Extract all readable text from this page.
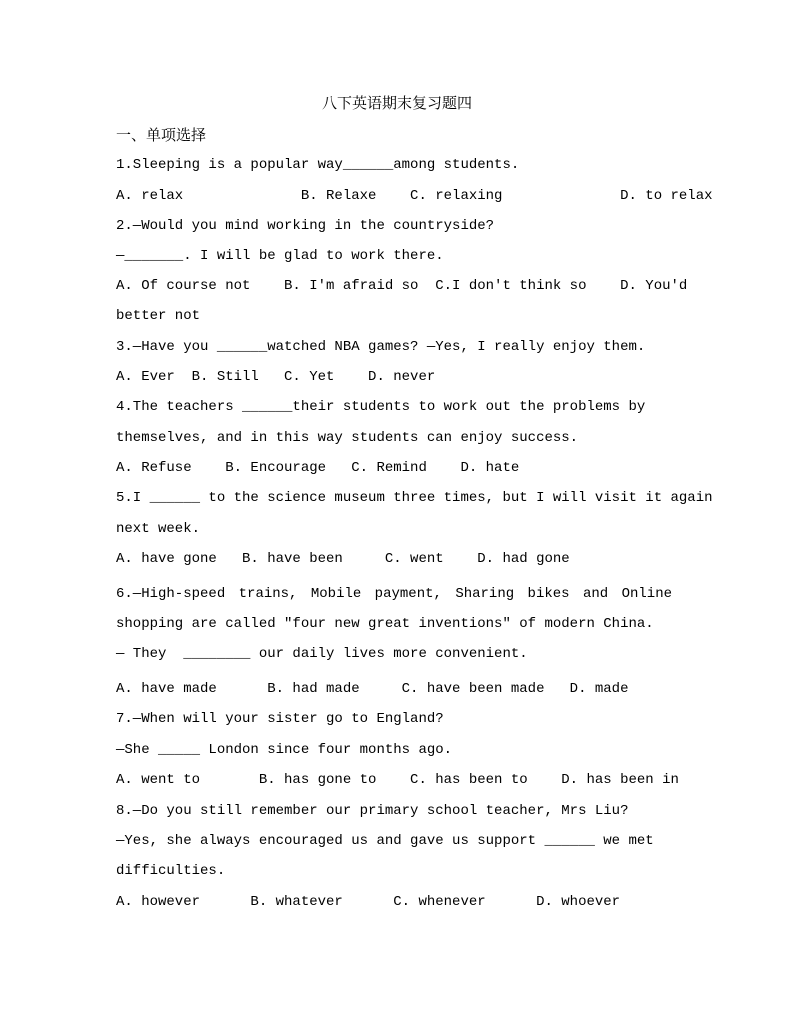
八下英语期末复习题四
一、单项选择
1.Sleeping is a popular way______among students.
A. relax              B. Relaxe    C. relaxing              D. to relax
2.—Would you mind working in the countryside?
—_______. I will be glad to work there.
A. Of course not    B. I'm afraid so  C.I don't think so    D. You'd
better not
3.—Have you ______watched NBA games? —Yes, I really enjoy them.
A. Ever  B. Still   C. Yet    D. never
4.The teachers ______their students to work out the problems by
themselves, and in this way students can enjoy success.
A. Refuse    B. Encourage   C. Remind    D. hate
5.I ______ to the science museum three times, but I will visit it again
next week.
A. have gone   B. have been     C. went    D. had gone
6.—High-speed trains, Mobile payment, Sharing bikes and Online
shopping are called "four new great inventions" of modern China.
— They  ________ our daily lives more convenient.
A. have made      B. had made     C. have been made   D. made
7.—When will your sister go to England?
—She _____ London since four months ago.
A. went to       B. has gone to    C. has been to    D. has been in
8.—Do you still remember our primary school teacher, Mrs Liu?
—Yes, she always encouraged us and gave us support ______ we met
difficulties.
A. however      B. whatever      C. whenever      D. whoever
